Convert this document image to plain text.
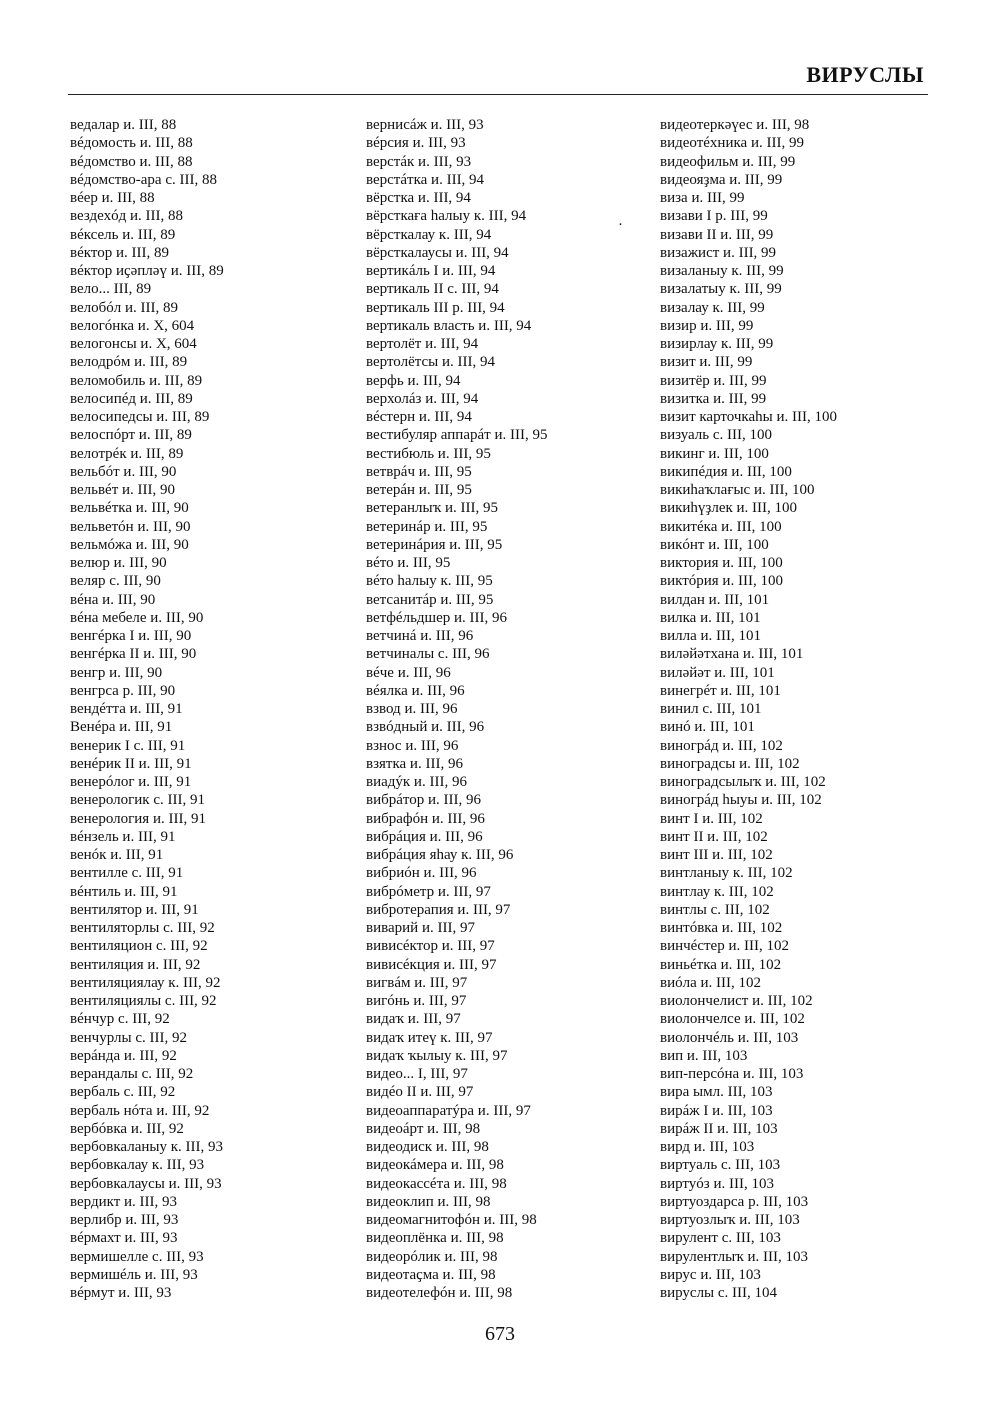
ВИРУСЛЫ
·
ведалар и. III, 88
вéдомость и. III, 88
вéдомство и. III, 88
вéдомство-ара с. III, 88
вéер и. III, 88
вездехóд и. III, 88
вéксель и. III, 89
вéктор и. III, 89
вéктор иҫәпләү и. III, 89
вело... III, 89
велобóл и. III, 89
велогóнка и. X, 604
велогонсы и. X, 604
велодрóм и. III, 89
веломобиль и. III, 89
велосипéд и. III, 89
велосипедсы и. III, 89
велоспóрт и. III, 89
велотрéк и. III, 89
вельбóт и. III, 90
вельвéт и. III, 90
вельвéтка и. III, 90
вельветóн и. III, 90
вельмóжа и. III, 90
велюр и. III, 90
веляр с. III, 90
вéна и. III, 90
вéна мебеле и. III, 90
венгéрка I и. III, 90
венгéрка II и. III, 90
венгр и. III, 90
венгрса р. III, 90
вендéтта и. III, 91
Венéра и. III, 91
венерик I с. III, 91
венéрик II и. III, 91
венерóлог и. III, 91
венерологик с. III, 91
венерология и. III, 91
вéнзель и. III, 91
венóк и. III, 91
вентилле с. III, 91
вéнтиль и. III, 91
вентилятор и. III, 91
вентиляторлы с. III, 92
вентиляцион с. III, 92
вентиляция и. III, 92
вентиляциялау к. III, 92
вентиляциялы с. III, 92
вéнчур с. III, 92
венчурлы с. III, 92
верáнда и. III, 92
верандалы с. III, 92
вербаль с. III, 92
вербаль нóта и. III, 92
вербóвка и. III, 92
вербовкаланыу к. III, 93
вербовкалау к. III, 93
вербовкалаусы и. III, 93
вердикт и. III, 93
верлибр и. III, 93
вéрмахт и. III, 93
вермишелле с. III, 93
вермишéль и. III, 93
вéрмут и. III, 93
верниcáж и. III, 93
вéрсия и. III, 93
верстáк и. III, 93
верстáтка и. III, 94
вёрстка и. III, 94
вёрсткаға һалыу к. III, 94
вёрсткалау к. III, 94
вёрсткалаусы и. III, 94
вертикáль I и. III, 94
вертикаль II с. III, 94
вертикаль III р. III, 94
вертикаль власть и. III, 94
вертолёт и. III, 94
вертолётсы и. III, 94
верфь и. III, 94
верхолáз и. III, 94
вéстерн и. III, 94
вестибуляр аппарáт и. III, 95
вестибюль и. III, 95
ветврáч и. III, 95
ветерáн и. III, 95
ветеранлыҡ и. III, 95
ветеринáр и. III, 95
ветеринáрия и. III, 95
вéто и. III, 95
вéто һалыу к. III, 95
ветсанитáр и. III, 95
ветфéльдшер и. III, 96
ветчинá и. III, 96
ветчиналы с. III, 96
вéче и. III, 96
вéялка и. III, 96
взвод и. III, 96
взвóдный и. III, 96
взнос и. III, 96
взятка и. III, 96
виадýк и. III, 96
вибрáтор и. III, 96
вибрафóн и. III, 96
вибрáция и. III, 96
вибрáция яһау к. III, 96
вибриóн и. III, 96
вибрóметр и. III, 97
вибротерапия и. III, 97
виварий и. III, 97
вивисéктор и. III, 97
вивисéкция и. III, 97
вигвáм и. III, 97
вигóнь и. III, 97
видаҡ и. III, 97
видаҡ итеү к. III, 97
видаҡ ҡылыу к. III, 97
видео... I, III, 97
видéо II и. III, 97
видеоаппаратýра и. III, 97
видеоáрт и. III, 98
видеодиск и. III, 98
видеокáмера и. III, 98
видеокассéта и. III, 98
видеоклип и. III, 98
видеомагнитофóн и. III, 98
видеоплёнка и. III, 98
видеорóлик и. III, 98
видеотаҫма и. III, 98
видеотелефóн и. III, 98
видеотеркәүес и. III, 98
видеотéхника и. III, 99
видеофильм и. III, 99
видеояҙма и. III, 99
виза и. III, 99
визави I р. III, 99
визави II и. III, 99
визажист и. III, 99
визаланыу к. III, 99
визалатыу к. III, 99
визалау к. III, 99
визир и. III, 99
визирлау к. III, 99
визит и. III, 99
визитёр и. III, 99
визитка и. III, 99
визит карточкаһы и. III, 100
визуаль с. III, 100
викинг и. III, 100
википéдия и. III, 100
викиһаҡлағыс и. III, 100
викиһүҙлек и. III, 100
викитéка и. III, 100
викóнт и. III, 100
виктория и. III, 100
виктóрия и. III, 100
вилдан и. III, 101
вилка и. III, 101
вилла и. III, 101
виләйәтхана и. III, 101
виләйәт и. III, 101
винегрéт и. III, 101
винил с. III, 101
винó и. III, 101
виногрáд и. III, 102
виноградсы и. III, 102
виноградсылыҡ и. III, 102
виногрáд һыуы и. III, 102
винт I и. III, 102
винт II и. III, 102
винт III и. III, 102
винтланыу к. III, 102
винтлау к. III, 102
винтлы с. III, 102
винтóвка и. III, 102
винчéстер и. III, 102
виньéтка и. III, 102
виóла и. III, 102
виолончелист и. III, 102
виолончелсе и. III, 102
виолончéль и. III, 103
вип и. III, 103
вип-персóна и. III, 103
вира ымл. III, 103
вирáж I и. III, 103
вирáж II и. III, 103
вирд и. III, 103
виртуаль с. III, 103
виртуóз и. III, 103
виртуоздарса р. III, 103
виртуозлыҡ и. III, 103
вирулент с. III, 103
вирулентлыҡ и. III, 103
вирус и. III, 103
вируслы с. III, 104
673
